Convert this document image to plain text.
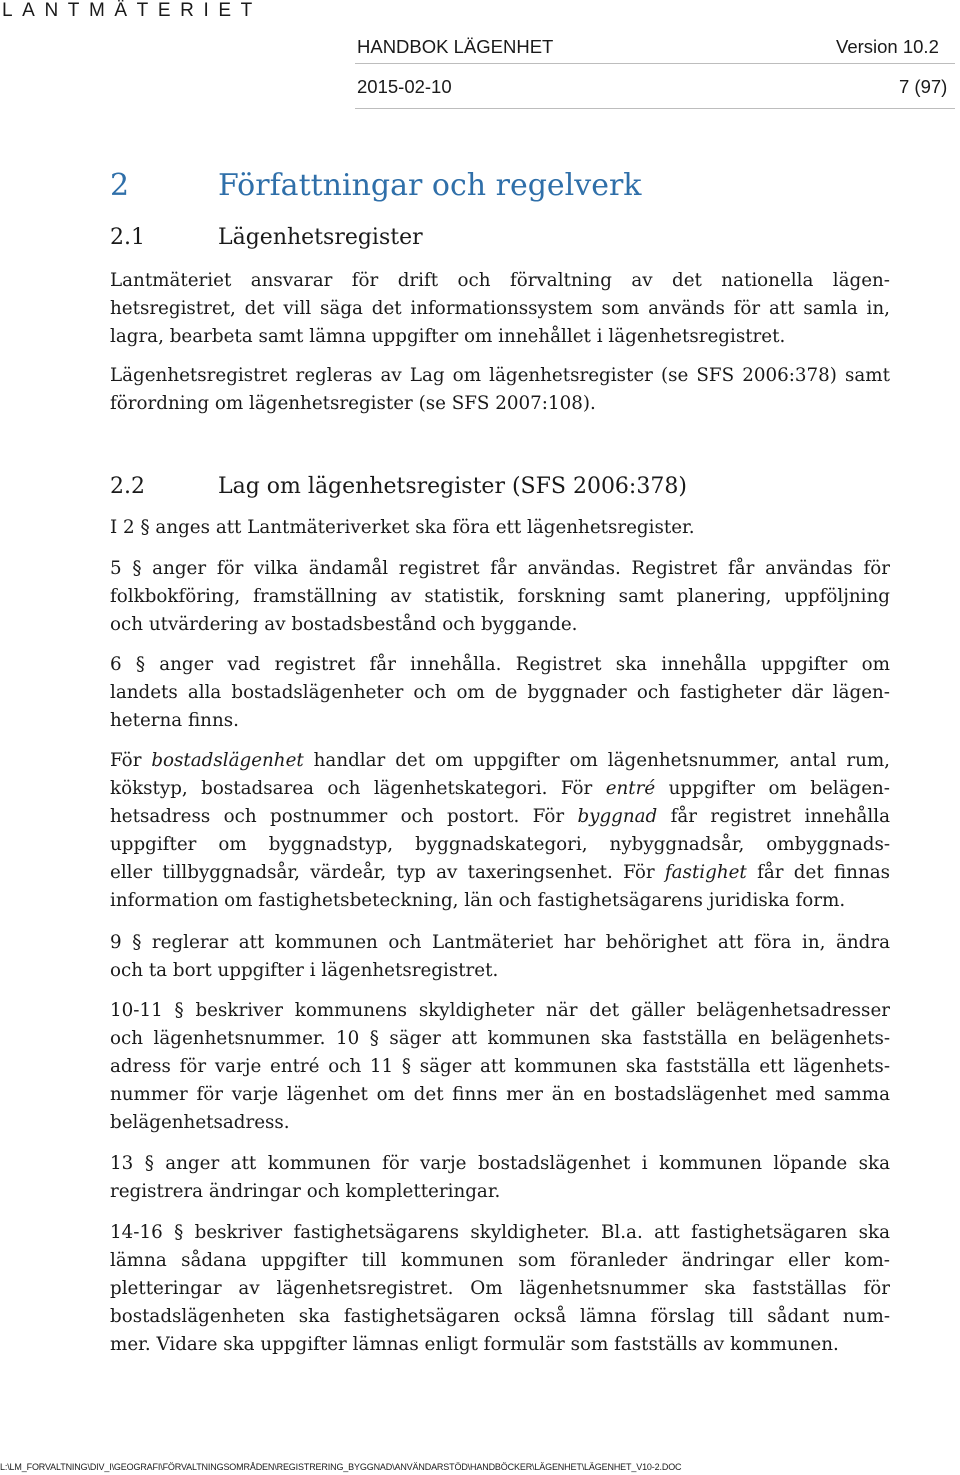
LANTMÄTERIET
HANDBOK LÄGENHET	Version 10.2
2015-02-10	7 (97)
2	Författningar och regelverk
2.1	Lägenhetsregister

Lantmäteriet ansvarar för drift och förvaltning av det nationella lägen-
hetsregistret, det vill säga det informationssystem som används för att samla in,
lagra, bearbeta samt lämna uppgifter om innehållet i lägenhetsregistret.

Lägenhetsregistret regleras av Lag om lägenhetsregister (se SFS 2006:378) samt
förordning om lägenhetsregister (se SFS 2007:108).

2.2	Lag om lägenhetsregister (SFS 2006:378)

I 2 § anges att Lantmäteriverket ska föra ett lägenhetsregister.

5 § anger för vilka ändamål registret får användas. Registret får användas för
folkbokföring, framställning av statistik, forskning samt planering, uppföljning
och utvärdering av bostadsbestånd och byggande.

6 § anger vad registret får innehålla. Registret ska innehålla uppgifter om
landets alla bostadslägenheter och om de byggnader och fastigheter där lägen-
heterna finns.

För bostadslägenhet handlar det om uppgifter om lägenhetsnummer, antal rum,
kökstyp, bostadsarea och lägenhetskategori. För entré uppgifter om belägen-
hetsadress och postnummer och postort. För byggnad får registret innehålla
uppgifter om byggnadstyp, byggnadskategori, nybyggnadsår, ombyggnads-
eller tillbyggnadsår, värdeår, typ av taxeringsenhet. För fastighet får det finnas
information om fastighetsbeteckning, län och fastighetsägarens juridiska form.

9 § reglerar att kommunen och Lantmäteriet har behörighet att föra in, ändra
och ta bort uppgifter i lägenhetsregistret.

10-11 § beskriver kommunens skyldigheter när det gäller belägenhetsadresser
och lägenhetsnummer. 10 § säger att kommunen ska fastställa en belägenhets-
adress för varje entré och 11 § säger att kommunen ska fastställa ett lägenhets-
nummer för varje lägenhet om det finns mer än en bostadslägenhet med samma
belägenhetsadress.

13 § anger att kommunen för varje bostadslägenhet i kommunen löpande ska
registrera ändringar och kompletteringar.

14-16 § beskriver fastighetsägarens skyldigheter. Bl.a. att fastighetsägaren ska
lämna sådana uppgifter till kommunen som föranleder ändringar eller kom-
pletteringar av lägenhetsregistret. Om lägenhetsnummer ska fastställas för
bostadslägenheten ska fastighetsägaren också lämna förslag till sådant num-
mer. Vidare ska uppgifter lämnas enligt formulär som fastställs av kommunen.

L:\LM_FORVALTNING\DIV_I\GEOGRAFI\FÖRVALTNINGSOMRÅDEN\REGISTRERING_BYGGNAD\ANVÄNDARSTÖD\HANDBÖCKER\LÄGENHET\LÄGENHET_V10-2.DOC
